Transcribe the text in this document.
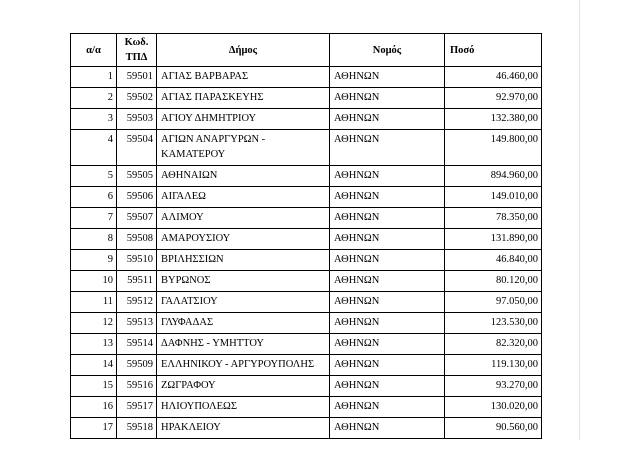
α/α	Κωδ. ΤΠΔ	Δήμος	Νομός	Ποσό
1	59501	ΑΓΙΑΣ ΒΑΡΒΑΡΑΣ	ΑΘΗΝΩΝ	46.460,00
2	59502	ΑΓΙΑΣ ΠΑΡΑΣΚΕΥΗΣ	ΑΘΗΝΩΝ	92.970,00
3	59503	ΑΓΙΟΥ ΔΗΜΗΤΡΙΟΥ	ΑΘΗΝΩΝ	132.380,00
4	59504	ΑΓΙΩΝ ΑΝΑΡΓΥΡΩΝ - ΚΑΜΑΤΕΡΟΥ	ΑΘΗΝΩΝ	149.800,00
5	59505	ΑΘΗΝΑΙΩΝ	ΑΘΗΝΩΝ	894.960,00
6	59506	ΑΙΓΑΛΕΩ	ΑΘΗΝΩΝ	149.010,00
7	59507	ΑΛΙΜΟΥ	ΑΘΗΝΩΝ	78.350,00
8	59508	ΑΜΑΡΟΥΣΙΟΥ	ΑΘΗΝΩΝ	131.890,00
9	59510	ΒΡΙΛΗΣΣΙΩΝ	ΑΘΗΝΩΝ	46.840,00
10	59511	ΒΥΡΩΝΟΣ	ΑΘΗΝΩΝ	80.120,00
11	59512	ΓΑΛΑΤΣΙΟΥ	ΑΘΗΝΩΝ	97.050,00
12	59513	ΓΛΥΦΑΔΑΣ	ΑΘΗΝΩΝ	123.530,00
13	59514	ΔΑΦΝΗΣ - ΥΜΗΤΤΟΥ	ΑΘΗΝΩΝ	82.320,00
14	59509	ΕΛΛΗΝΙΚΟΥ - ΑΡΓΥΡΟΥΠΟΛΗΣ	ΑΘΗΝΩΝ	119.130,00
15	59516	ΖΩΓΡΑΦΟΥ	ΑΘΗΝΩΝ	93.270,00
16	59517	ΗΛΙΟΥΠΟΛΕΩΣ	ΑΘΗΝΩΝ	130.020,00
17	59518	ΗΡΑΚΛΕΙΟΥ	ΑΘΗΝΩΝ	90.560,00
